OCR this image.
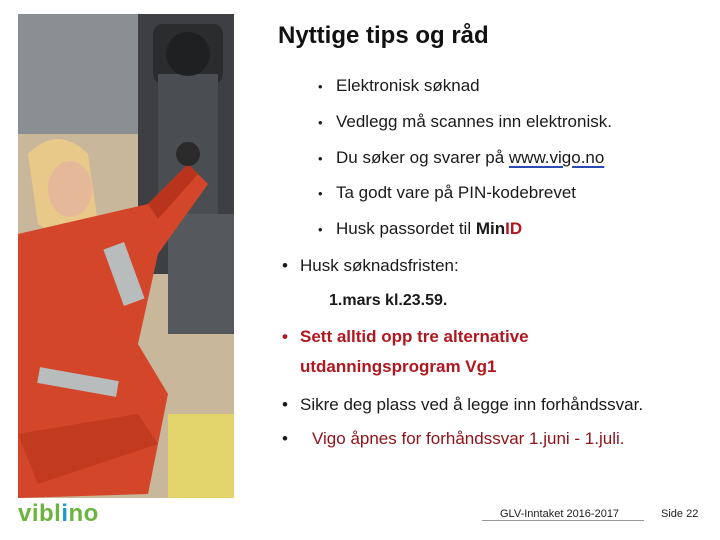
Nyttige tips og råd
• Elektronisk søknad
• Vedlegg må scannes inn elektronisk.
• Du søker og svarer på www.vigo.no
• Ta godt vare på PIN-kodebrevet
• Husk passordet til MinID
• Husk søknadsfristen:
1.mars kl.23.59.
• Sett alltid opp tre alternative
utdanningsprogram Vg1
• Sikre deg plass ved å legge inn forhåndssvar.
• Vigo åpnes for forhåndssvar 1.juni - 1.juli.
viblino	GLV-Inntaket 2016-2017	Side 22
